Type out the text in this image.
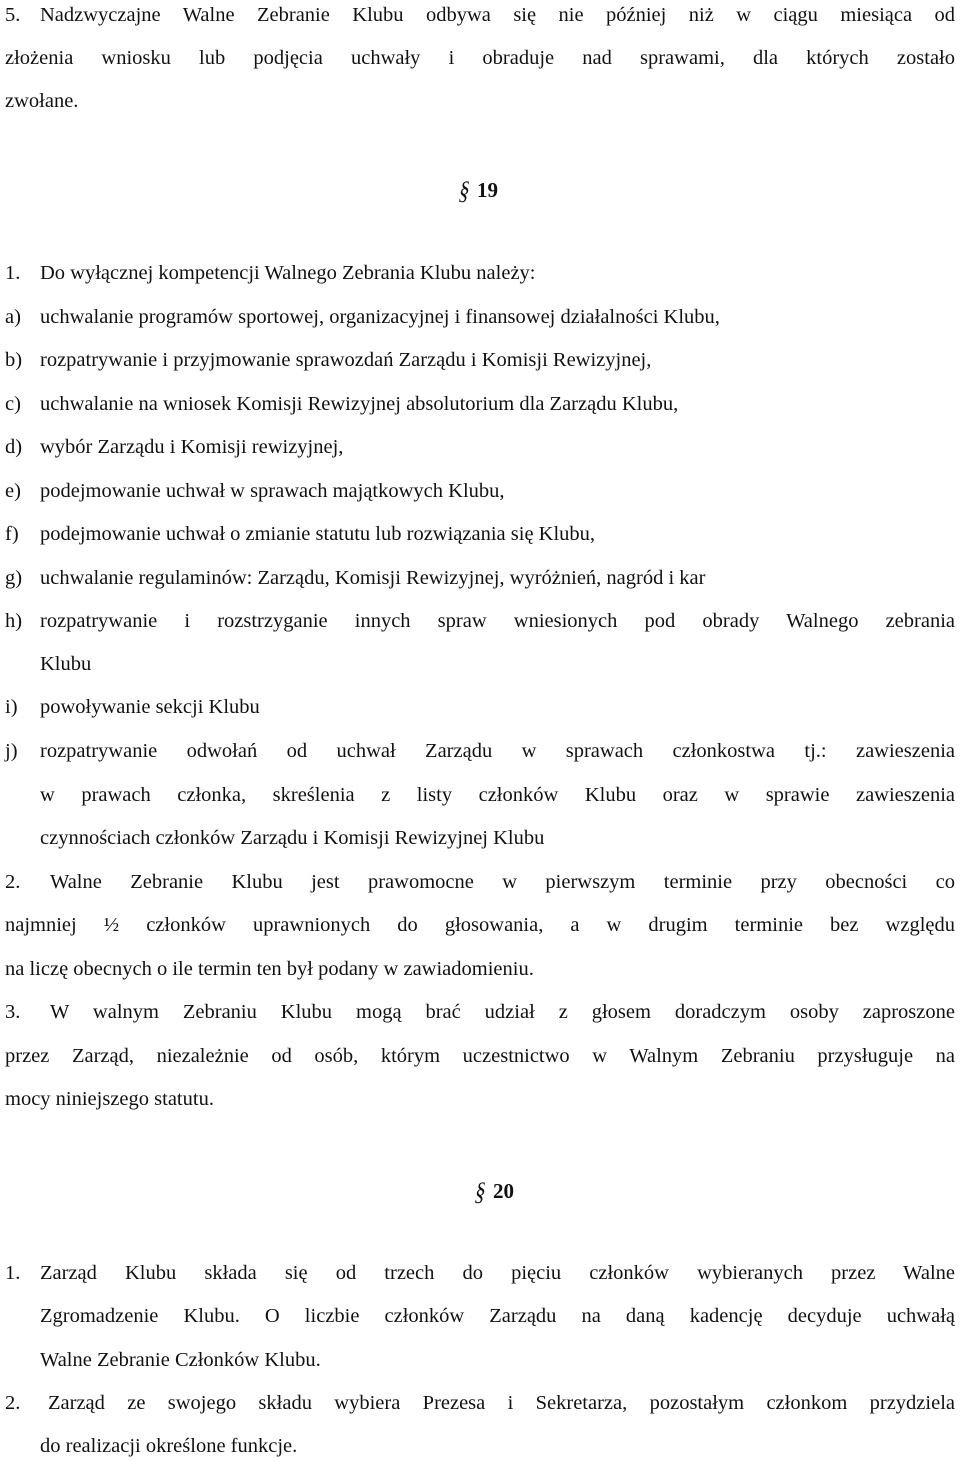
5. Nadzwyczajne Walne Zebranie Klubu odbywa się nie później niż w ciągu miesiąca od
złożenia wniosku lub podjęcia uchwały i obraduje nad sprawami, dla których zostało
zwołane.
§ 19
1. Do wyłącznej kompetencji Walnego Zebrania Klubu należy:
a) uchwalanie programów sportowej, organizacyjnej i finansowej działalności Klubu,
b) rozpatrywanie i przyjmowanie sprawozdań Zarządu i Komisji Rewizyjnej,
c) uchwalanie na wniosek Komisji Rewizyjnej absolutorium dla Zarządu Klubu,
d) wybór Zarządu i Komisji rewizyjnej,
e) podejmowanie uchwał w sprawach majątkowych Klubu,
f) podejmowanie uchwał o zmianie statutu lub rozwiązania się Klubu,
g) uchwalanie regulaminów: Zarządu, Komisji Rewizyjnej, wyróżnień, nagród i kar
h) rozpatrywanie i rozstrzyganie innych spraw wniesionych pod obrady Walnego zebrania
Klubu
i) powoływanie sekcji Klubu
j) rozpatrywanie odwołań od uchwał Zarządu w sprawach członkostwa tj.: zawieszenia
w prawach członka, skreślenia z listy członków Klubu oraz w sprawie zawieszenia
czynnościach członków Zarządu i Komisji Rewizyjnej Klubu
2. Walne Zebranie Klubu jest prawomocne w pierwszym terminie przy obecności co
najmniej ½ członków uprawnionych do głosowania, a w drugim terminie bez względu
na liczę obecnych o ile termin ten był podany w zawiadomieniu.
3. W walnym Zebraniu Klubu mogą brać udział z głosem doradczym osoby zaproszone
przez Zarząd, niezależnie od osób, którym uczestnictwo w Walnym Zebraniu przysługuje na
mocy niniejszego statutu.
§ 20
1. Zarząd Klubu składa się od trzech do pięciu członków wybieranych przez Walne
Zgromadzenie Klubu. O liczbie członków Zarządu na daną kadencję decyduje uchwałą
Walne Zebranie Członków Klubu.
2. Zarząd ze swojego składu wybiera Prezesa i Sekretarza, pozostałym członkom przydziela
do realizacji określone funkcje.
